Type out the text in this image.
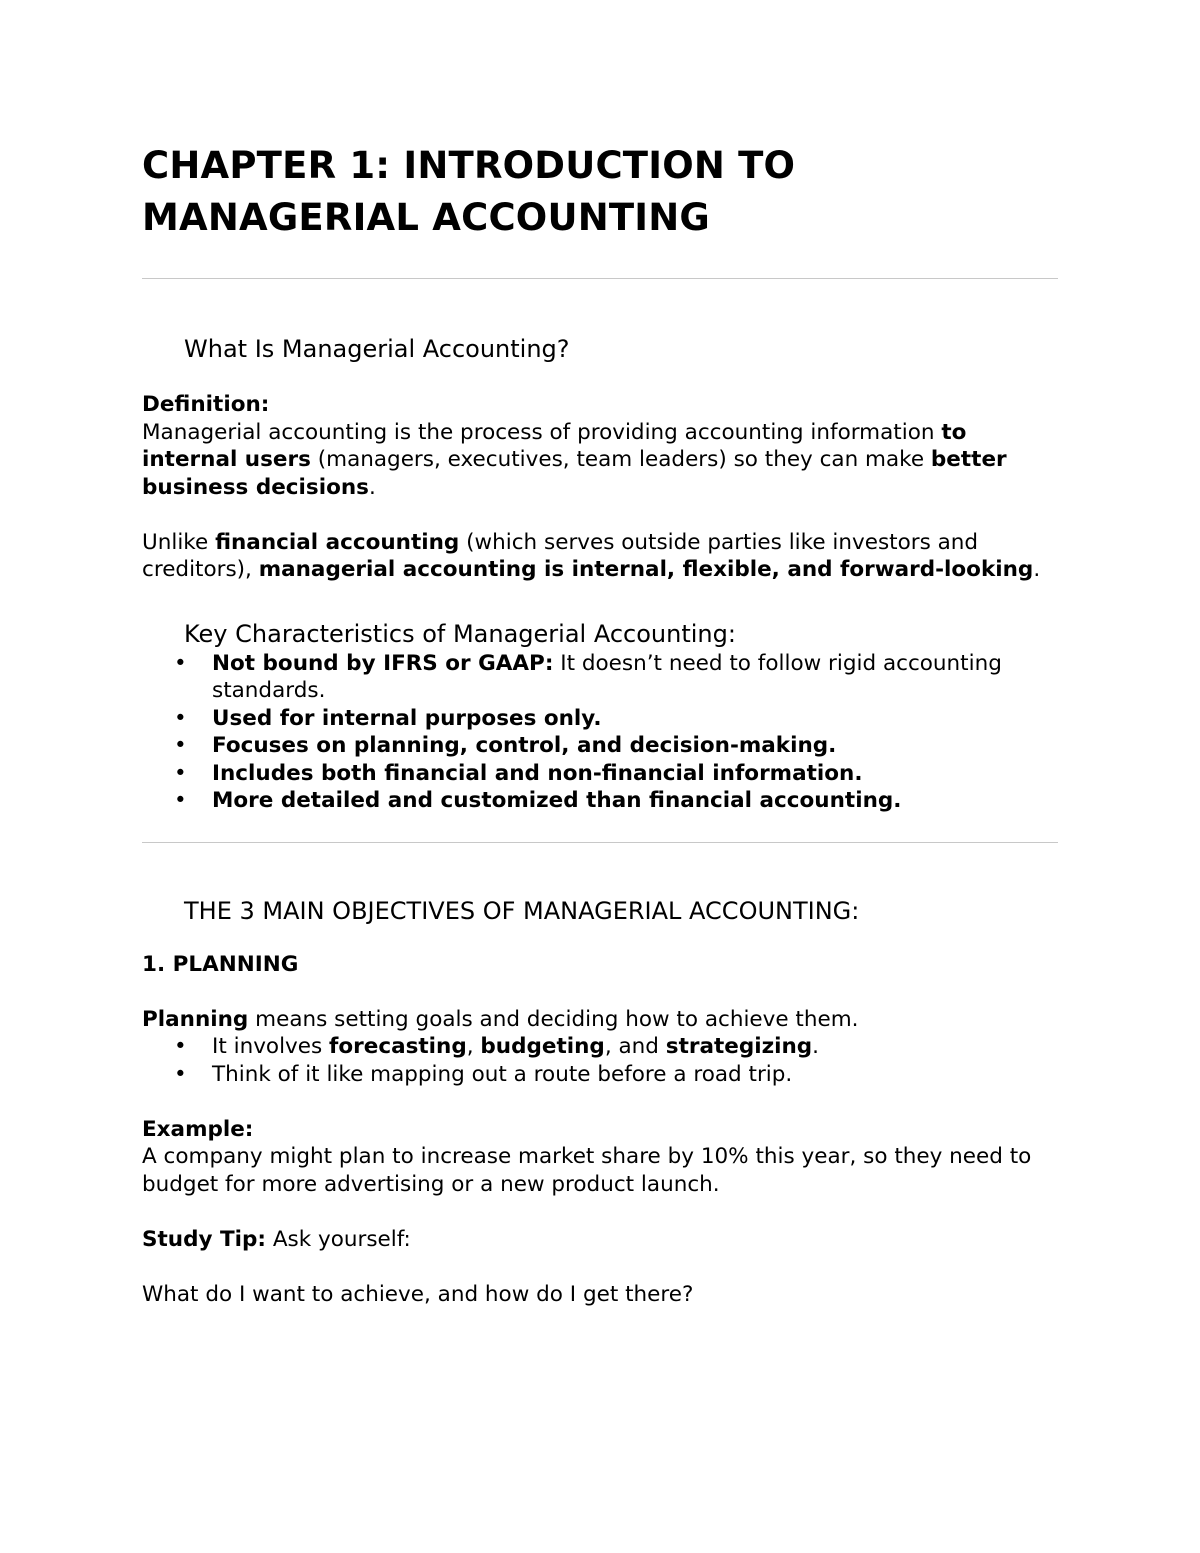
CHAPTER 1: INTRODUCTION TO
MANAGERIAL ACCOUNTING
What Is Managerial Accounting?

Definition:

Managerial accounting is the process of providing accounting information to internal users (managers, executives, team leaders) so they can make better business decisions.

Unlike financial accounting (which serves outside parties like investors and creditors), managerial accounting is internal, flexible, and forward-looking.

Key Characteristics of Managerial Accounting:
• Not bound by IFRS or GAAP: It doesn’t need to follow rigid accounting standards.
• Used for internal purposes only.
• Focuses on planning, control, and decision-making.
• Includes both financial and non-financial information.
• More detailed and customized than financial accounting.
THE 3 MAIN OBJECTIVES OF MANAGERIAL ACCOUNTING:

1. PLANNING

Planning means setting goals and deciding how to achieve them.

• It involves forecasting, budgeting, and strategizing.
• Think of it like mapping out a route before a road trip.

Example:

A company might plan to increase market share by 10% this year, so they need to budget for more advertising or a new product launch.

Study Tip: Ask yourself:

What do I want to achieve, and how do I get there?
